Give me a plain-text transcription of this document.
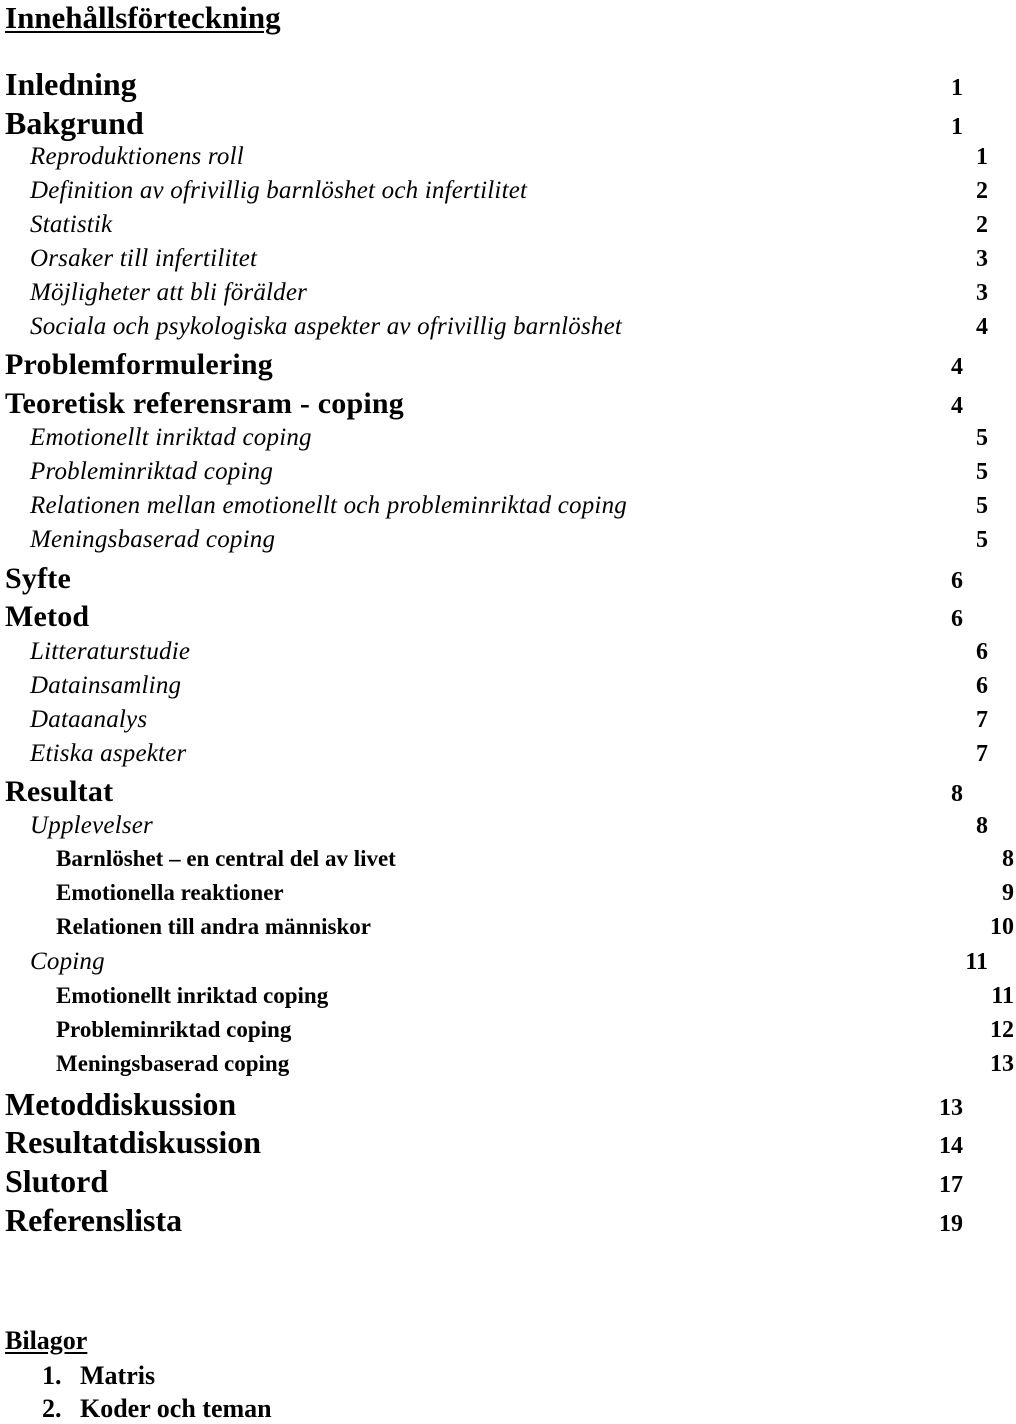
Innehållsförteckning
Inledning	1
Bakgrund	1
Reproduktionens roll	1
Definition av ofrivillig barnlöshet och infertilitet	2
Statistik	2
Orsaker till infertilitet	3
Möjligheter att bli förälder	3
Sociala och psykologiska aspekter av ofrivillig barnlöshet	4
Problemformulering	4
Teoretisk referensram - coping	4
Emotionellt inriktad coping	5
Probleminriktad coping	5
Relationen mellan emotionellt och probleminriktad coping	5
Meningsbaserad coping	5
Syfte	6
Metod	6
Litteraturstudie	6
Datainsamling	6
Dataanalys	7
Etiska aspekter	7
Resultat	8
Upplevelser	8
Barnlöshet – en central del av livet	8
Emotionella reaktioner	9
Relationen till andra människor	10
Coping	11
Emotionellt inriktad coping	11
Probleminriktad coping	12
Meningsbaserad coping	13
Metoddiskussion	13
Resultatdiskussion	14
Slutord	17
Referenslista	19
Bilagor
1. Matris
2. Koder och teman
